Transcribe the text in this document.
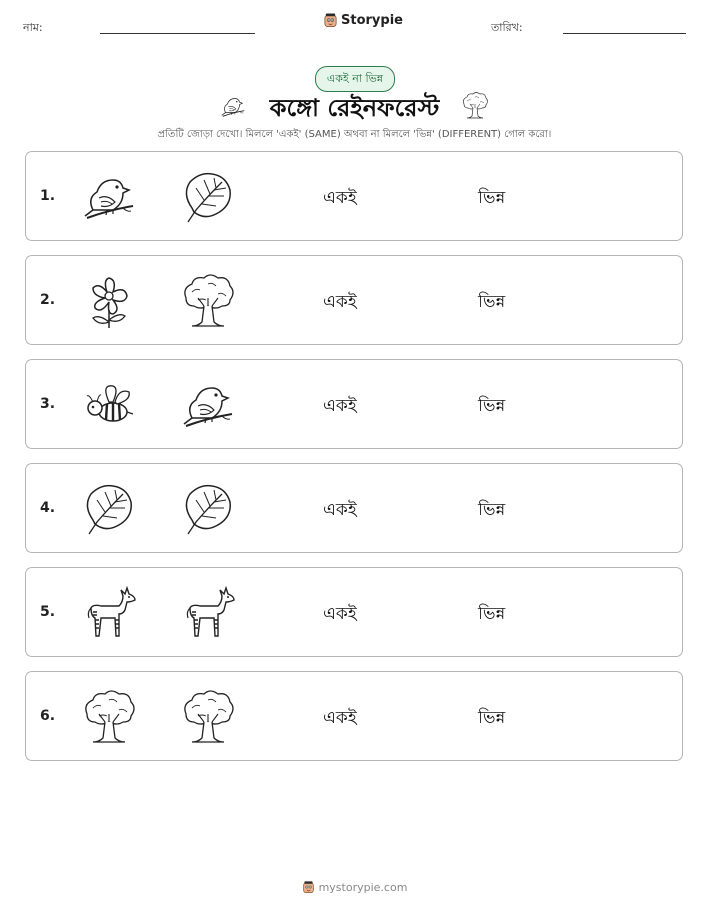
নাম:	Storypie	তারিখ:
একই না ভিন্ন
কঙ্গো রেইনফরেস্ট
প্রতিটি জোড়া দেখো। মিললে 'একই' (SAME) অথবা না মিললে 'ভিন্ন' (DIFFERENT) গোল করো।
1.	একই	ভিন্ন
2.	একই	ভিন্ন
3.	একই	ভিন্ন
4.	একই	ভিন্ন
5.	একই	ভিন্ন
6.	একই	ভিন্ন
mystorypie.com
